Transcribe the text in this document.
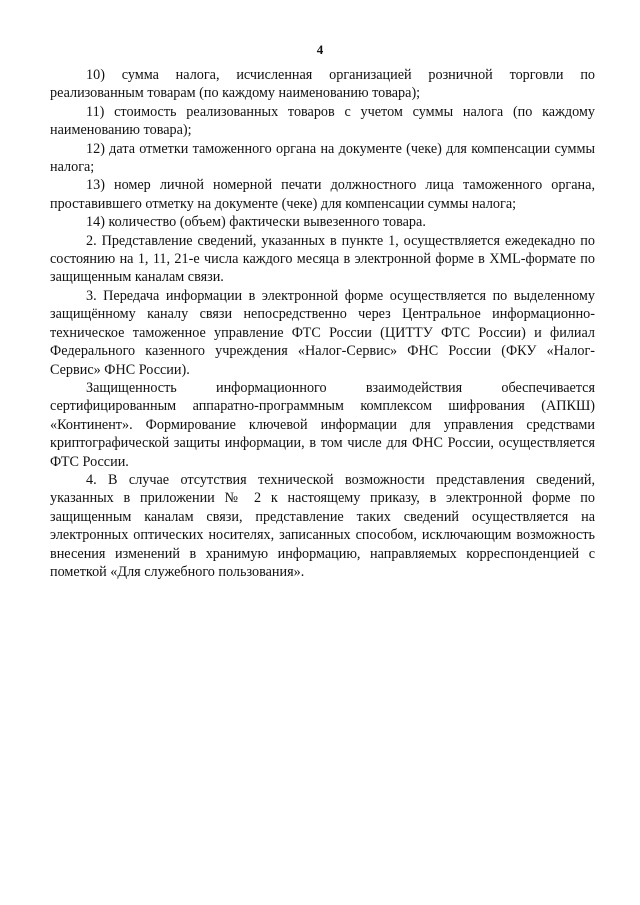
4

10) сумма налога, исчисленная организацией розничной торговли по реализованным товарам (по каждому наименованию товара);

11) стоимость реализованных товаров с учетом суммы налога (по каждому наименованию товара);

12) дата отметки таможенного органа на документе (чеке) для компенсации суммы налога;

13) номер личной номерной печати должностного лица таможенного органа, проставившего отметку на документе (чеке) для компенсации суммы налога;

14) количество (объем) фактически вывезенного товара.

2. Представление сведений, указанных в пункте 1, осуществляется ежедекадно по состоянию на 1, 11, 21-е числа каждого месяца в электронной форме в XML-формате по защищенным каналам связи.

3. Передача информации в электронной форме осуществляется по выделенному защищённому каналу связи непосредственно через Центральное информационно-техническое таможенное управление ФТС России (ЦИТТУ ФТС России) и филиал Федерального казенного учреждения «Налог-Сервис» ФНС России (ФКУ «Налог-Сервис» ФНС России).

Защищенность информационного взаимодействия обеспечивается сертифицированным аппаратно-программным комплексом шифрования (АПКШ) «Континент». Формирование ключевой информации для управления средствами криптографической защиты информации, в том числе для ФНС России, осуществляется ФТС России.

4. В случае отсутствия технической возможности представления сведений, указанных в приложении № 2 к настоящему приказу, в электронной форме по защищенным каналам связи, представление таких сведений осуществляется на электронных оптических носителях, записанных способом, исключающим возможность внесения изменений в хранимую информацию, направляемых корреспонденцией с пометкой «Для служебного пользования».
